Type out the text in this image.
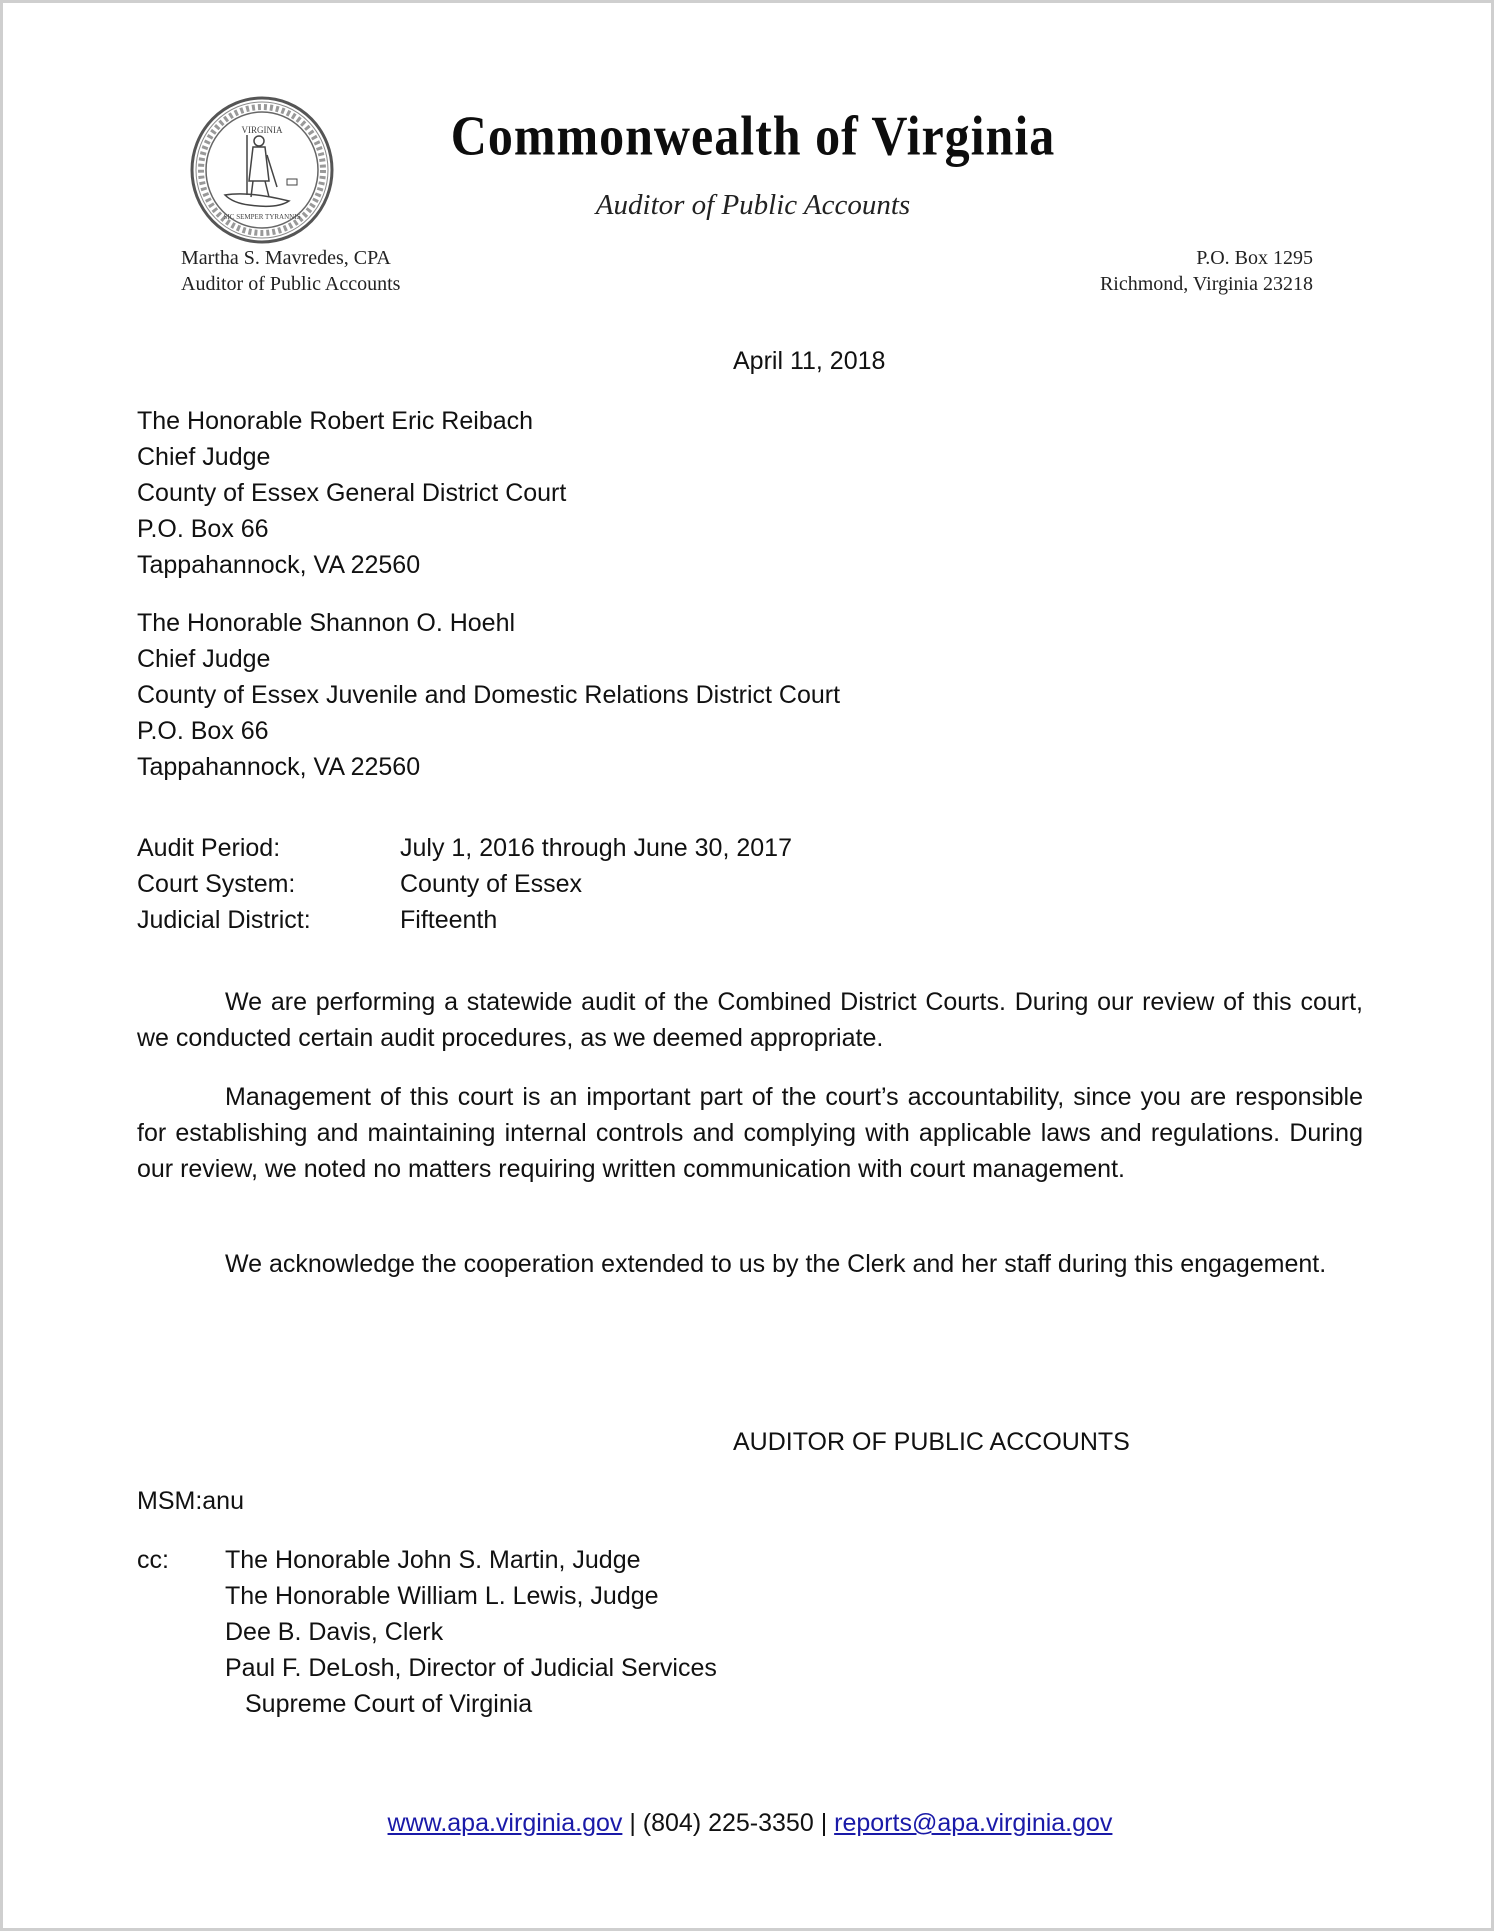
VIRGINIA
SIC SEMPER TYRANNIS
Commonwealth of Virginia
Auditor of Public Accounts
Martha S. Mavredes, CPA
Auditor of Public Accounts
P.O. Box 1295
Richmond, Virginia 23218
April 11, 2018
The Honorable Robert Eric Reibach
Chief Judge
County of Essex General District Court
P.O. Box 66
Tappahannock, VA 22560
The Honorable Shannon O. Hoehl
Chief Judge
County of Essex Juvenile and Domestic Relations District Court
P.O. Box 66
Tappahannock, VA 22560
Audit Period:	July 1, 2016 through June 30, 2017
Court System:	County of Essex
Judicial District:	Fifteenth
We are performing a statewide audit of the Combined District Courts. During our review of this court, we conducted certain audit procedures, as we deemed appropriate.
Management of this court is an important part of the court’s accountability, since you are responsible for establishing and maintaining internal controls and complying with applicable laws and regulations. During our review, we noted no matters requiring written communication with court management.
We acknowledge the cooperation extended to us by the Clerk and her staff during this engagement.
AUDITOR OF PUBLIC ACCOUNTS
MSM:anu
cc:	The Honorable John S. Martin, Judge
The Honorable William L. Lewis, Judge
Dee B. Davis, Clerk
Paul F. DeLosh, Director of Judicial Services
Supreme Court of Virginia
www.apa.virginia.gov | (804) 225-3350 | reports@apa.virginia.gov
